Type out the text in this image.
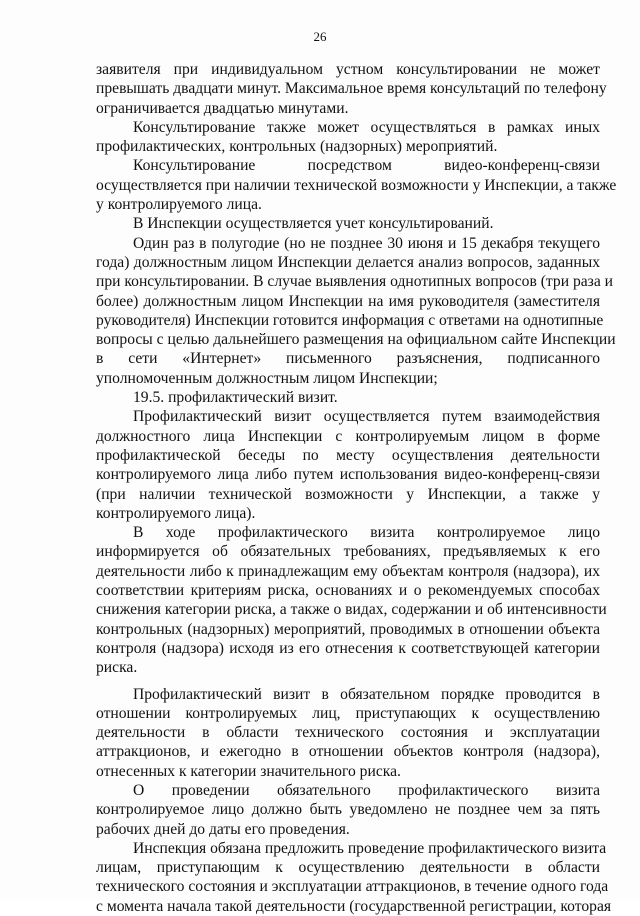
26
заявителя при индивидуальном устном консультировании не может
превышать двадцати минут. Максимальное время консультаций по телефону
ограничивается двадцатью минутами.
Консультирование также может осуществляться в рамках иных
профилактических, контрольных (надзорных) мероприятий.
Консультирование посредством видео-конференц-связи
осуществляется при наличии технической возможности у Инспекции, а также
у контролируемого лица.
В Инспекции осуществляется учет консультирований.
Один раз в полугодие (но не позднее 30 июня и 15 декабря текущего
года) должностным лицом Инспекции делается анализ вопросов, заданных
при консультировании. В случае выявления однотипных вопросов (три раза и
более) должностным лицом Инспекции на имя руководителя (заместителя
руководителя) Инспекции готовится информация с ответами на однотипные
вопросы с целью дальнейшего размещения на официальном сайте Инспекции
в сети «Интернет» письменного разъяснения, подписанного
уполномоченным должностным лицом Инспекции;
19.5. профилактический визит.
Профилактический визит осуществляется путем взаимодействия
должностного лица Инспекции с контролируемым лицом в форме
профилактической беседы по месту осуществления деятельности
контролируемого лица либо путем использования видео-конференц-связи
(при наличии технической возможности у Инспекции, а также у
контролируемого лица).
В ходе профилактического визита контролируемое лицо
информируется об обязательных требованиях, предъявляемых к его
деятельности либо к принадлежащим ему объектам контроля (надзора), их
соответствии критериям риска, основаниях и о рекомендуемых способах
снижения категории риска, а также о видах, содержании и об интенсивности
контрольных (надзорных) мероприятий, проводимых в отношении объекта
контроля (надзора) исходя из его отнесения к соответствующей категории
риска.
Профилактический визит в обязательном порядке проводится в
отношении контролируемых лиц, приступающих к осуществлению
деятельности в области технического состояния и эксплуатации
аттракционов, и ежегодно в отношении объектов контроля (надзора),
отнесенных к категории значительного риска.
О проведении обязательного профилактического визита
контролируемое лицо должно быть уведомлено не позднее чем за пять
рабочих дней до даты его проведения.
Инспекция обязана предложить проведение профилактического визита
лицам, приступающим к осуществлению деятельности в области
технического состояния и эксплуатации аттракционов, в течение одного года
с момента начала такой деятельности (государственной регистрации, которая
